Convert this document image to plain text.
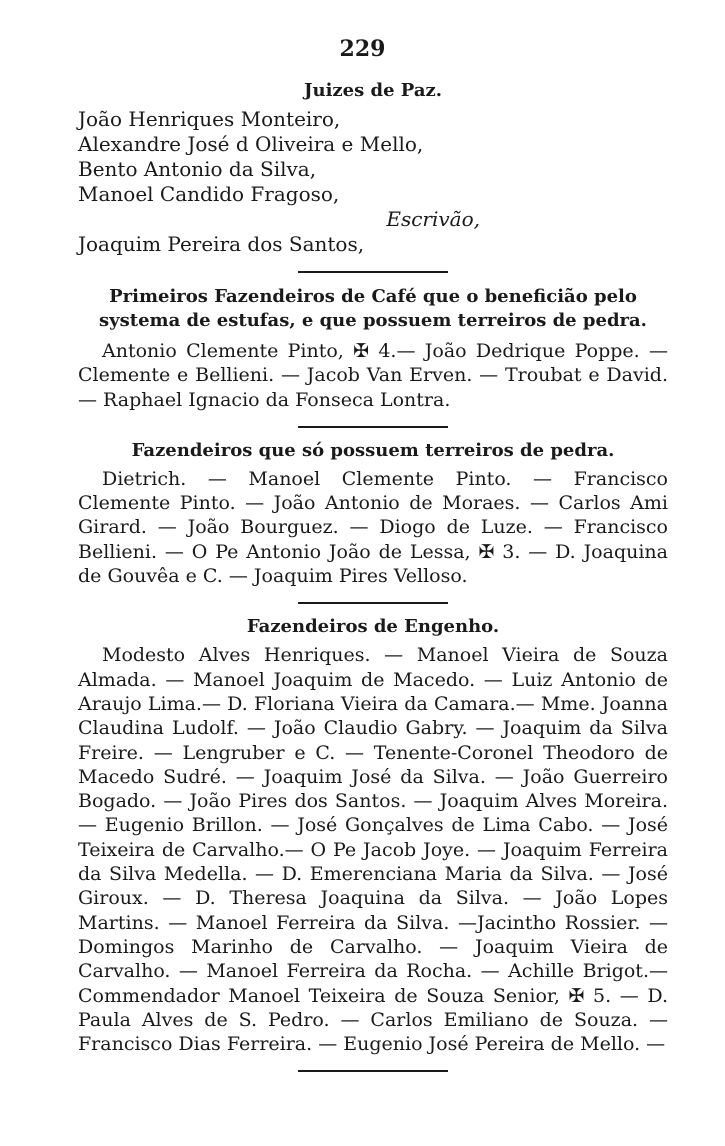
229
Juizes de Paz.
João Henriques Monteiro,
Alexandre José d Oliveira e Mello,
Bento Antonio da Silva,
Manoel Candido Fragoso,
Escrivão,
Joaquim Pereira dos Santos,
Primeiros Fazendeiros de Café que o beneficião pelo
systema de estufas, e que possuem terreiros de pedra.

Antonio Clemente Pinto, ✠ 4.— João Dedrique Poppe. — Clemente e Bellieni. — Jacob Van Erven. — Troubat e David.— Raphael Ignacio da Fonseca Lontra.

Fazendeiros que só possuem terreiros de pedra.

Dietrich. — Manoel Clemente Pinto. — Francisco Clemente Pinto. — João Antonio de Moraes. — Carlos Ami Girard. — João Bourguez. — Diogo de Luze. — Francisco Bellieni. — O Pe Antonio João de Lessa, ✠ 3. — D. Joaquina de Gouvêa e C. — Joaquim Pires Velloso.

Fazendeiros de Engenho.

Modesto Alves Henriques. — Manoel Vieira de Souza Almada. — Manoel Joaquim de Macedo. — Luiz Antonio de Araujo Lima.— D. Floriana Vieira da Camara.— Mme. Joanna Claudina Ludolf. — João Claudio Gabry. — Joaquim da Silva Freire. — Lengruber e C. — Tenente-Coronel Theodoro de Macedo Sudré. — Joaquim José da Silva. — João Guerreiro Bogado. — João Pires dos Santos. — Joaquim Alves Moreira. — Eugenio Brillon. — José Gonçalves de Lima Cabo. — José Teixeira de Carvalho.— O Pe Jacob Joye. — Joaquim Ferreira da Silva Medella. — D. Emerenciana Maria da Silva. — José Giroux. — D. Theresa Joaquina da Silva. — João Lopes Martins. — Manoel Ferreira da Silva. —Jacintho Rossier. — Domingos Marinho de Carvalho. — Joaquim Vieira de Carvalho. — Manoel Ferreira da Rocha. — Achille Brigot.— Commendador Manoel Teixeira de Souza Senior, ✠ 5. — D. Paula Alves de S. Pedro. — Carlos Emiliano de Souza. — Francisco Dias Ferreira. — Eugenio José Pereira de Mello. —
